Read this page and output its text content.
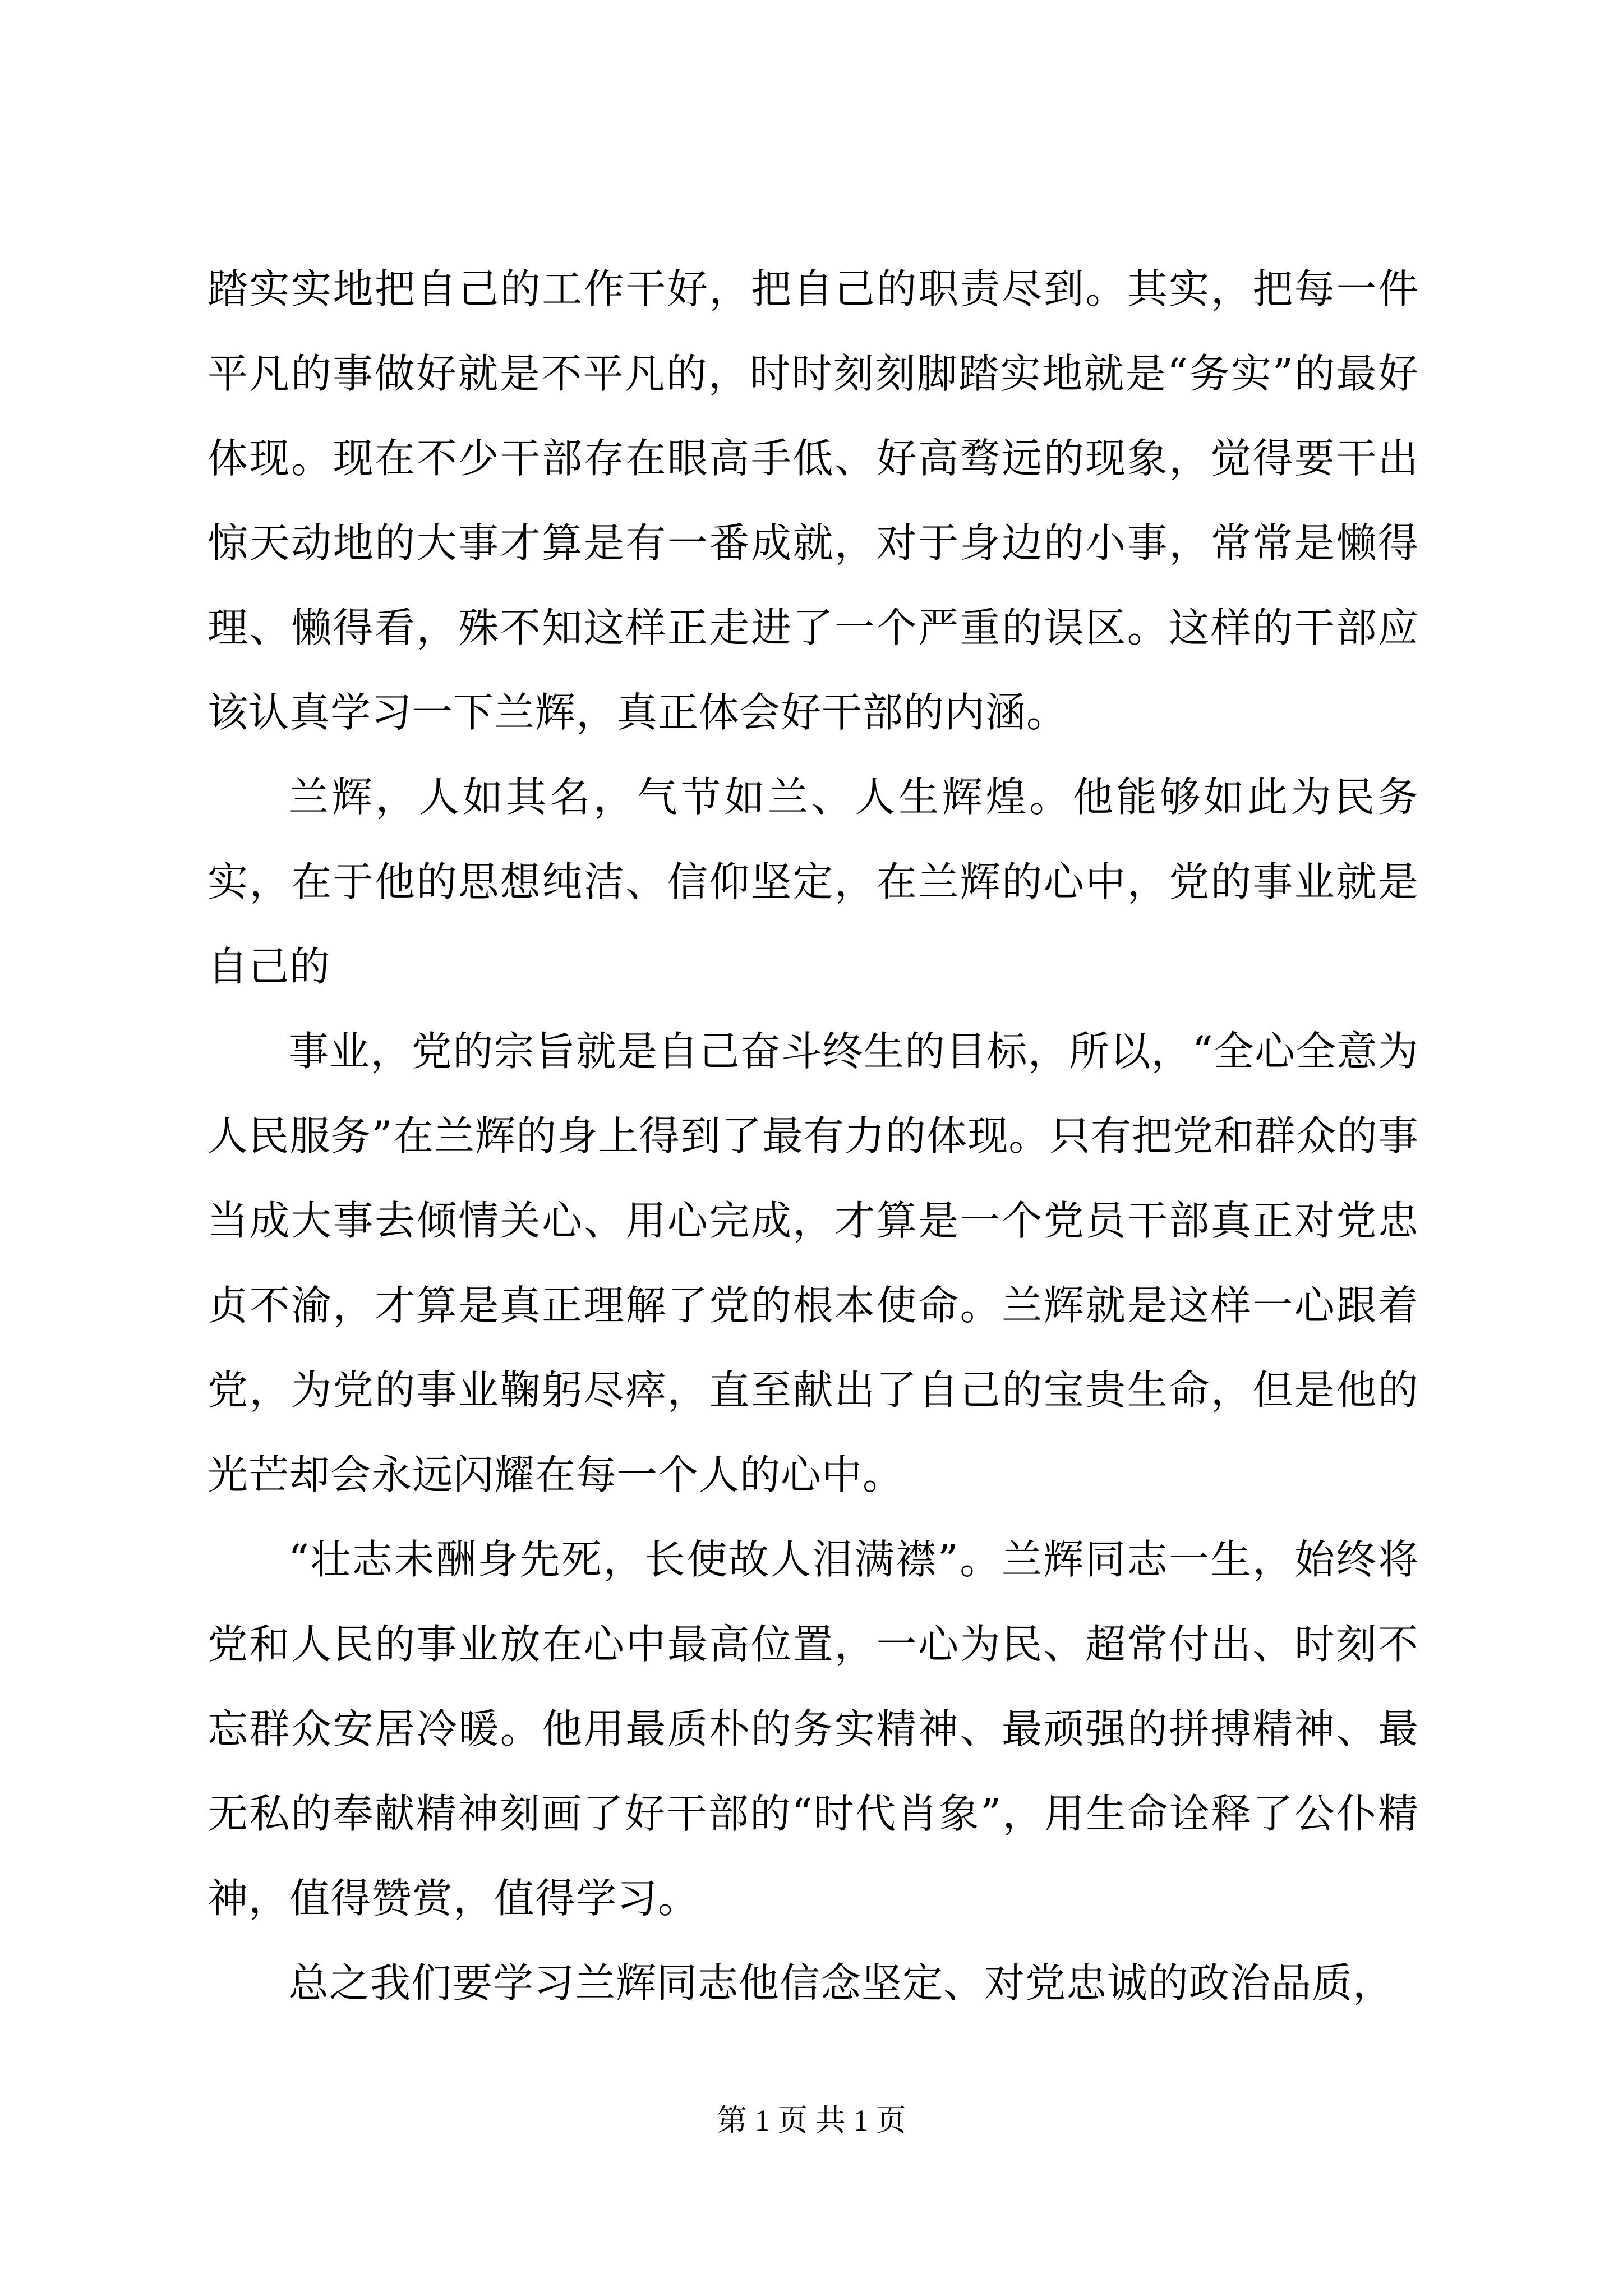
踏实实地把自己的工作干好，把自己的职责尽到。其实，把每一件平凡的事做好就是不平凡的，时时刻刻脚踏实地就是“务实”的最好体现。现在不少干部存在眼高手低、好高骛远的现象，觉得要干出惊天动地的大事才算是有一番成就，对于身边的小事，常常是懒得理、懒得看，殊不知这样正走进了一个严重的误区。这样的干部应该认真学习一下兰辉，真正体会好干部的内涵。

兰辉，人如其名，气节如兰、人生辉煌。他能够如此为民务实，在于他的思想纯洁、信仰坚定，在兰辉的心中，党的事业就是自己的

事业，党的宗旨就是自己奋斗终生的目标，所以，“全心全意为人民服务”在兰辉的身上得到了最有力的体现。只有把党和群众的事当成大事去倾情关心、用心完成，才算是一个党员干部真正对党忠贞不渝，才算是真正理解了党的根本使命。兰辉就是这样一心跟着党，为党的事业鞠躬尽瘁，直至献出了自己的宝贵生命，但是他的光芒却会永远闪耀在每一个人的心中。

“壮志未酬身先死，长使故人泪满襟”。兰辉同志一生，始终将党和人民的事业放在心中最高位置，一心为民、超常付出、时刻不忘群众安居冷暖。他用最质朴的务实精神、最顽强的拼搏精神、最无私的奉献精神刻画了好干部的“时代肖象”，用生命诠释了公仆精神，值得赞赏，值得学习。

总之我们要学习兰辉同志他信念坚定、对党忠诚的政治品质，

第 1 页 共 1 页
